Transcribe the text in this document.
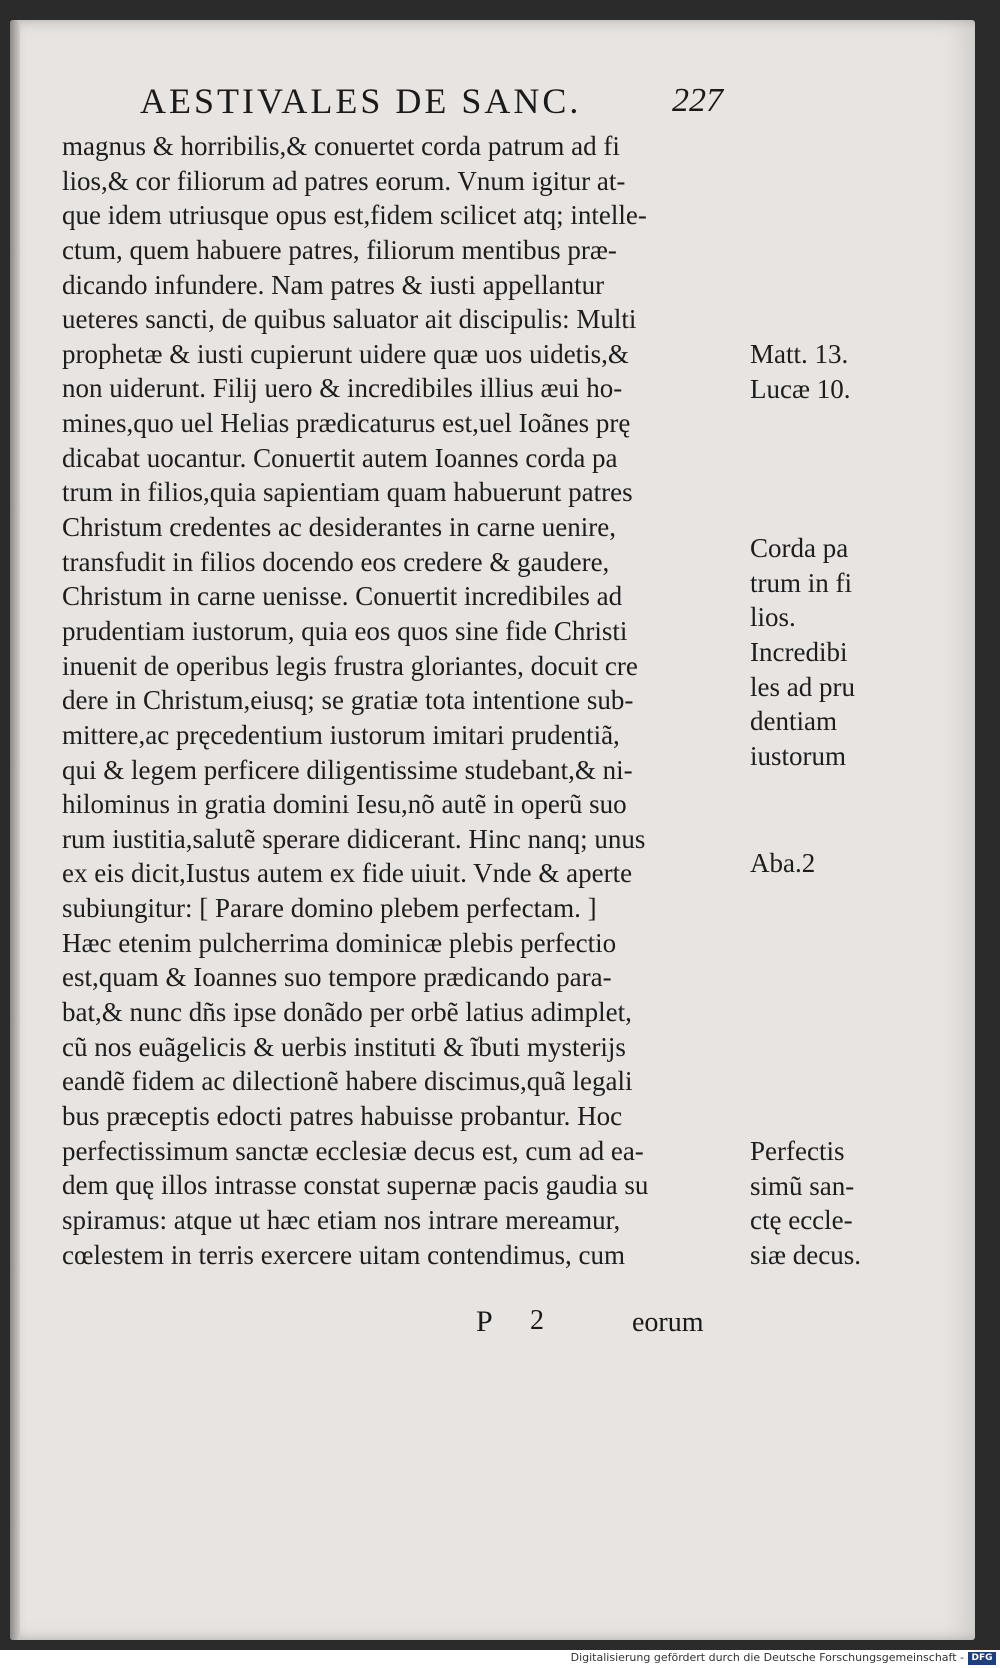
AESTIVALES DE SANC.	227
magnus & horribilis,& conuertet corda patrum ad fi
lios,& cor filiorum ad patres eorum. Vnum igitur at-
que idem utriusque opus est,fidem scilicet atq; intelle-
ctum, quem habuere patres, filiorum mentibus præ-
dicando infundere. Nam patres & iusti appellantur
ueteres sancti, de quibus saluator ait discipulis: Multi
prophetæ & iusti cupierunt uidere quæ uos uidetis,&
non uiderunt. Filij uero & incredibiles illius æui ho-
mines,quo uel Helias prædicaturus est,uel Ioãnes prę
dicabat uocantur. Conuertit autem Ioannes corda pa
trum in filios,quia sapientiam quam habuerunt patres
Christum credentes ac desiderantes in carne uenire,
transfudit in filios docendo eos credere & gaudere,
Christum in carne uenisse. Conuertit incredibiles ad
prudentiam iustorum, quia eos quos sine fide Christi
inuenit de operibus legis frustra gloriantes, docuit cre
dere in Christum,eiusq; se gratiæ tota intentione sub-
mittere,ac pręcedentium iustorum imitari prudentiã,
qui & legem perficere diligentissime studebant,& ni-
hilominus in gratia domini Iesu,nõ autẽ in operũ suo
rum iustitia,salutẽ sperare didicerant. Hinc nanq; unus
ex eis dicit,Iustus autem ex fide uiuit. Vnde & aperte
subiungitur: [ Parare domino plebem perfectam. ]
Hæc etenim pulcherrima dominicæ plebis perfectio
est,quam & Ioannes suo tempore prædicando para-
bat,& nunc dñs ipse donãdo per orbẽ latius adimplet,
cũ nos euãgelicis & uerbis instituti & ĩbuti mysterijs
eandẽ fidem ac dilectionẽ habere discimus,quã legali
bus præceptis edocti patres habuisse probantur. Hoc
perfectissimum sanctæ ecclesiæ decus est, cum ad ea-
dem quę illos intrasse constat supernæ pacis gaudia su
spiramus: atque ut hæc etiam nos intrare mereamur,
cœlestem in terris exercere uitam contendimus, cum
Matt. 13.
Lucæ 10.
Corda pa
trum in fi
lios.
Incredibi
les ad pru
dentiam
iustorum
Aba.2
Perfectis
simũ san-
ctę eccle-
siæ decus.
P 2	eorum
Digitalisierung gefördert durch die Deutsche Forschungsgemeinschaft - DFG
